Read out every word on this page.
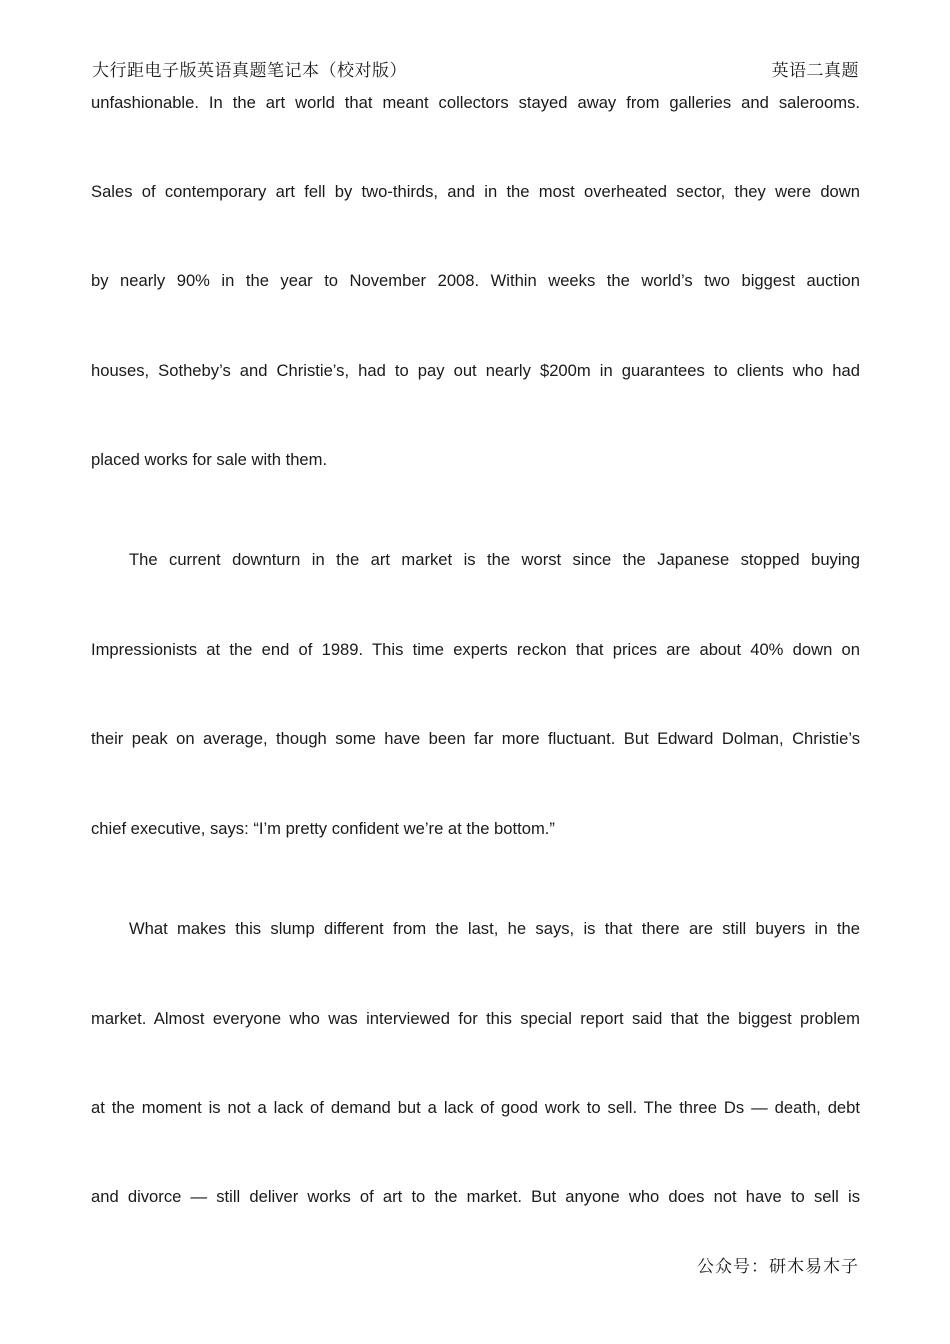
大行距电子版英语真题笔记本（校对版）	英语二真题
unfashionable. In the art world that meant collectors stayed away from galleries and salerooms.
Sales of contemporary art fell by two-thirds, and in the most overheated sector, they were down
by nearly 90% in the year to November 2008. Within weeks the world’s two biggest auction
houses, Sotheby’s and Christie’s, had to pay out nearly $200m in guarantees to clients who had
placed works for sale with them.
The current downturn in the art market is the worst since the Japanese stopped buying
Impressionists at the end of 1989. This time experts reckon that prices are about 40% down on
their peak on average, though some have been far more fluctuant. But Edward Dolman, Christie’s
chief executive, says: “I’m pretty confident we’re at the bottom.”
What makes this slump different from the last, he says, is that there are still buyers in the
market. Almost everyone who was interviewed for this special report said that the biggest problem
at the moment is not a lack of demand but a lack of good work to sell. The three Ds — death, debt
and divorce — still deliver works of art to the market. But anyone who does not have to sell is
公众号：研木易木子
